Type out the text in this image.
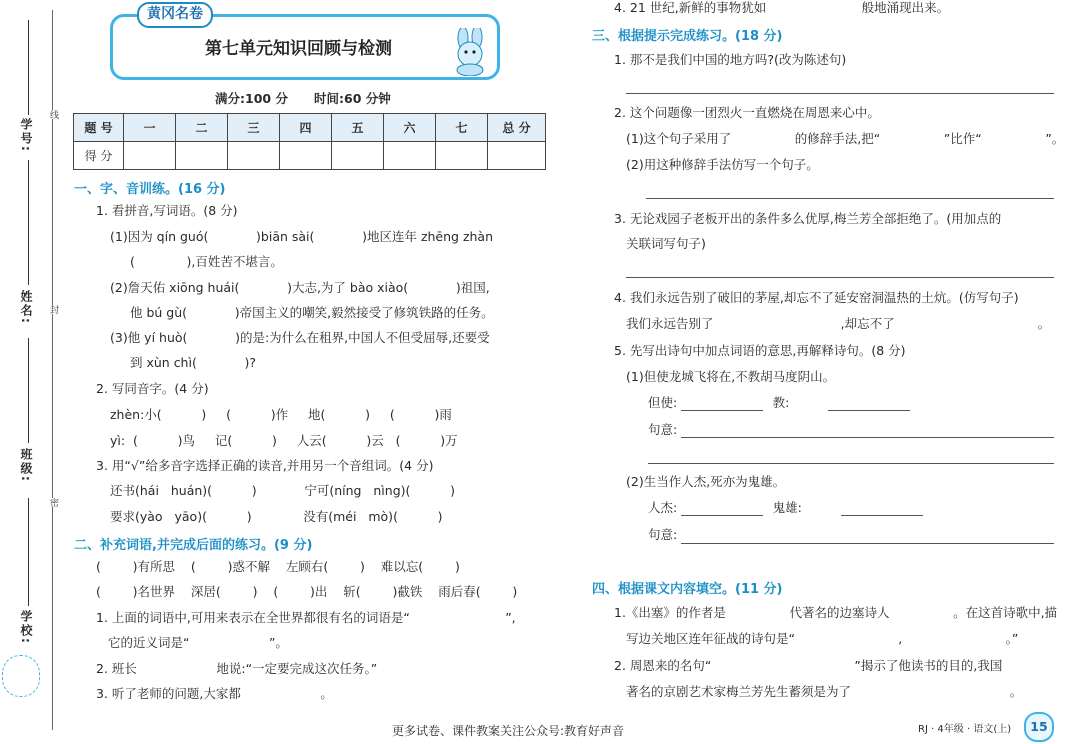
学号:
姓名:
班级:
学校:
线
封
密
黄冈名卷
第七单元知识回顾与检测
满分:100 分      时间:60 分钟
题 号	一	二	三	四	五	六	七	总 分
得 分								
一、字、音训练。(16 分)
1. 看拼音,写词语。(8 分)
(1)因为 qín guó(            )biān sài(            )地区连年 zhēng zhàn
(             ),百姓苦不堪言。
(2)詹天佑 xiōng huái(            )大志,为了 bào xiào(            )祖国,
他 bú gù(            )帝国主义的嘲笑,毅然接受了修筑铁路的任务。
(3)他 yí huò(            )的是:为什么在租界,中国人不但受屈辱,还要受
到 xùn chì(            )?
2. 写同音字。(4 分)
zhèn:小(          )     (          )作     地(          )     (          )雨
yì:  (          )鸟     记(          )     人云(          )云   (          )万
3. 用“√”给多音字选择正确的读音,并用另一个音组词。(4 分)
还书(hái   huán)(          )            宁可(níng   nìng)(          )
要求(yào   yāo)(          )             没有(méi   mò)(          )
二、补充词语,并完成后面的练习。(9 分)
(        )有所思    (        )惑不解    左顾右(        )    难以忘(        )
(        )名世界    深居(        )    (        )出    斩(        )截铁    雨后春(        )
1. 上面的词语中,可用来表示在全世界都很有名的词语是“                        ”,
它的近义词是“                    ”。
2. 班长                    地说:“一定要完成这次任务。”
3. 听了老师的问题,大家都                    。
4. 21 世纪,新鲜的事物犹如                        般地涌现出来。
三、根据提示完成练习。(18 分)
1. 那不是我们中国的地方吗?(改为陈述句)
2. 这个问题像一团烈火一直燃烧在周恩来心中。
(1)这个句子采用了                的修辞手法,把“                ”比作“                ”。
(2)用这种修辞手法仿写一个句子。
3. 无论戏园子老板开出的条件多么优厚,梅兰芳全部拒绝了。(用加点的
关联词写句子)
4. 我们永远告别了破旧的茅屋,却忘不了延安窑洞温热的土炕。(仿写句子)
我们永远告别了                                ,却忘不了                                    。
5. 先写出诗句中加点词语的意思,再解释诗句。(8 分)
(1)但使龙城飞将在,不教胡马度阴山。
但使:                        教:
句意:
(2)生当作人杰,死亦为鬼雄。
人杰:                        鬼雄:
句意:
四、根据课文内容填空。(11 分)
1.《出塞》的作者是                代著名的边塞诗人                。在这首诗歌中,描
写边关地区连年征战的诗句是“                          ,                          。”
2. 周恩来的名句“                                    ”揭示了他读书的目的,我国
著名的京剧艺术家梅兰芳先生蓄须是为了                                        。
更多试卷、课件教案关注公众号:教育好声音	RJ · 4年级 · 语文(上)	15
